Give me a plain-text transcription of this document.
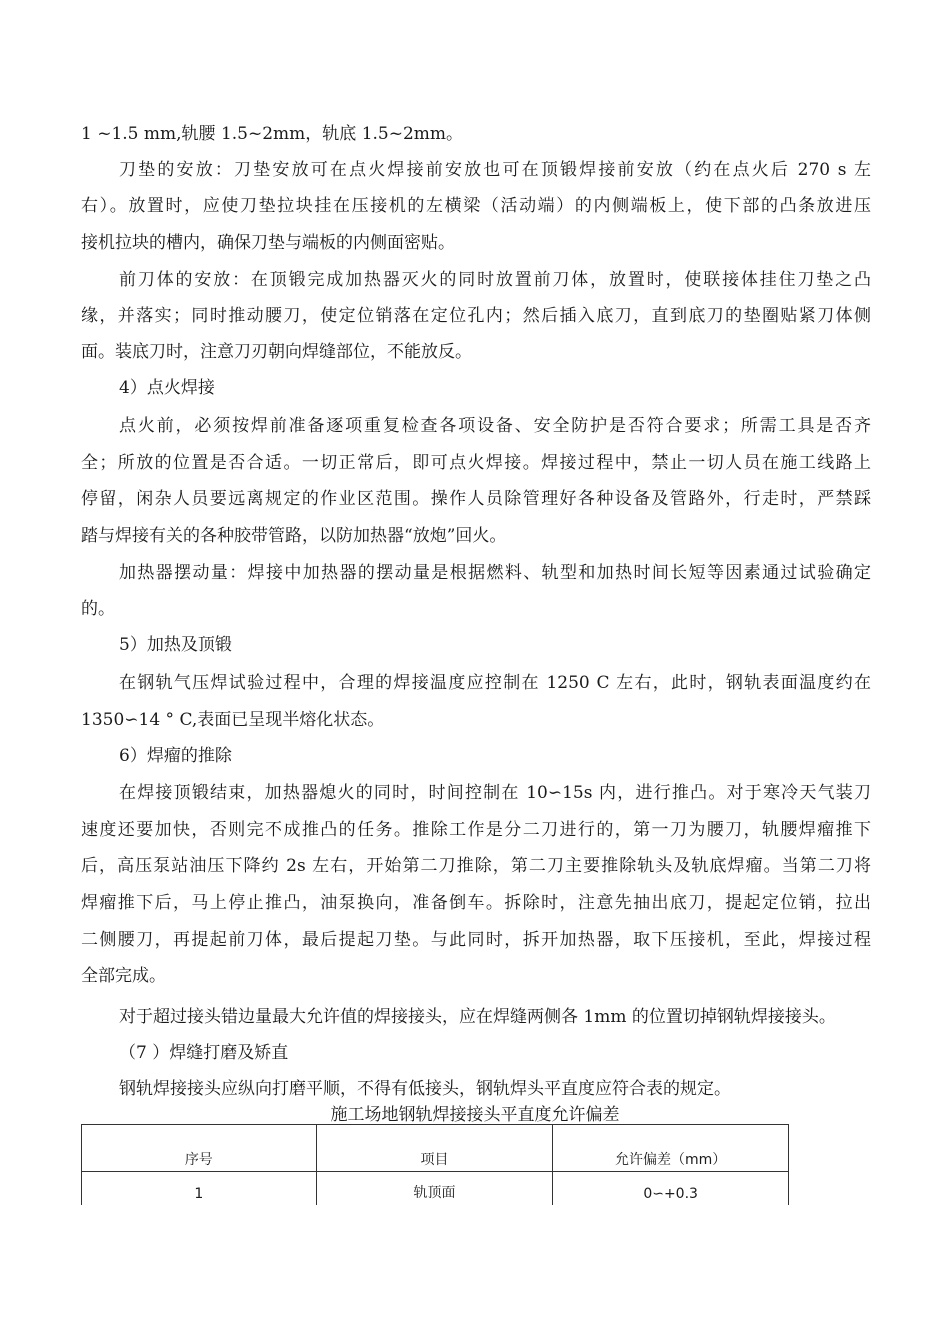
1 ~1.5 mm,轨腰 1.5~2mm，轨底 1.5~2mm。
刀垫的安放：刀垫安放可在点火焊接前安放也可在顶锻焊接前安放（约在点火后 270 s 左
右）。放置时，应使刀垫拉块挂在压接机的左横梁（活动端）的内侧端板上，使下部的凸条放进压
接机拉块的槽内，确保刀垫与端板的内侧面密贴。
前刀体的安放：在顶锻完成加热器灭火的同时放置前刀体，放置时，使联接体挂住刀垫之凸
缘，并落实；同时推动腰刀，使定位销落在定位孔内；然后插入底刀，直到底刀的垫圈贴紧刀体侧
面。装底刀时，注意刀刃朝向焊缝部位，不能放反。
4）点火焊接
点火前，必须按焊前准备逐项重复检查各项设备、安全防护是否符合要求；所需工具是否齐
全；所放的位置是否合适。一切正常后，即可点火焊接。焊接过程中，禁止一切人员在施工线路上
停留，闲杂人员要远离规定的作业区范围。操作人员除管理好各种设备及管路外，行走时，严禁踩
踏与焊接有关的各种胶带管路，以防加热器“放炮”回火。
加热器摆动量：焊接中加热器的摆动量是根据燃料、轨型和加热时间长短等因素通过试验确定
的。
5）加热及顶锻
在钢轨气压焊试验过程中，合理的焊接温度应控制在 1250 C 左右，此时，钢轨表面温度约在
1350∽14 ° C,表面已呈现半熔化状态。
6）焊瘤的推除
在焊接顶锻结束，加热器熄火的同时，时间控制在 10∽15s 内，进行推凸。对于寒冷天气装刀
速度还要加快，否则完不成推凸的任务。推除工作是分二刀进行的，第一刀为腰刀，轨腰焊瘤推下
后，高压泵站油压下降约 2s 左右，开始第二刀推除，第二刀主要推除轨头及轨底焊瘤。当第二刀将
焊瘤推下后，马上停止推凸，油泵换向，准备倒车。拆除时，注意先抽出底刀，提起定位销，拉出
二侧腰刀，再提起前刀体，最后提起刀垫。与此同时，拆开加热器，取下压接机，至此，焊接过程
全部完成。
对于超过接头错边量最大允许值的焊接接头，应在焊缝两侧各 1mm 的位置切掉钢轨焊接接头。
（7 ）焊缝打磨及矫直
钢轨焊接接头应纵向打磨平顺，不得有低接头，钢轨焊头平直度应符合表的规定。
施工场地钢轨焊接接头平直度允许偏差
序号	项目	允许偏差（mm）
1	轨顶面	0∽+0.3
